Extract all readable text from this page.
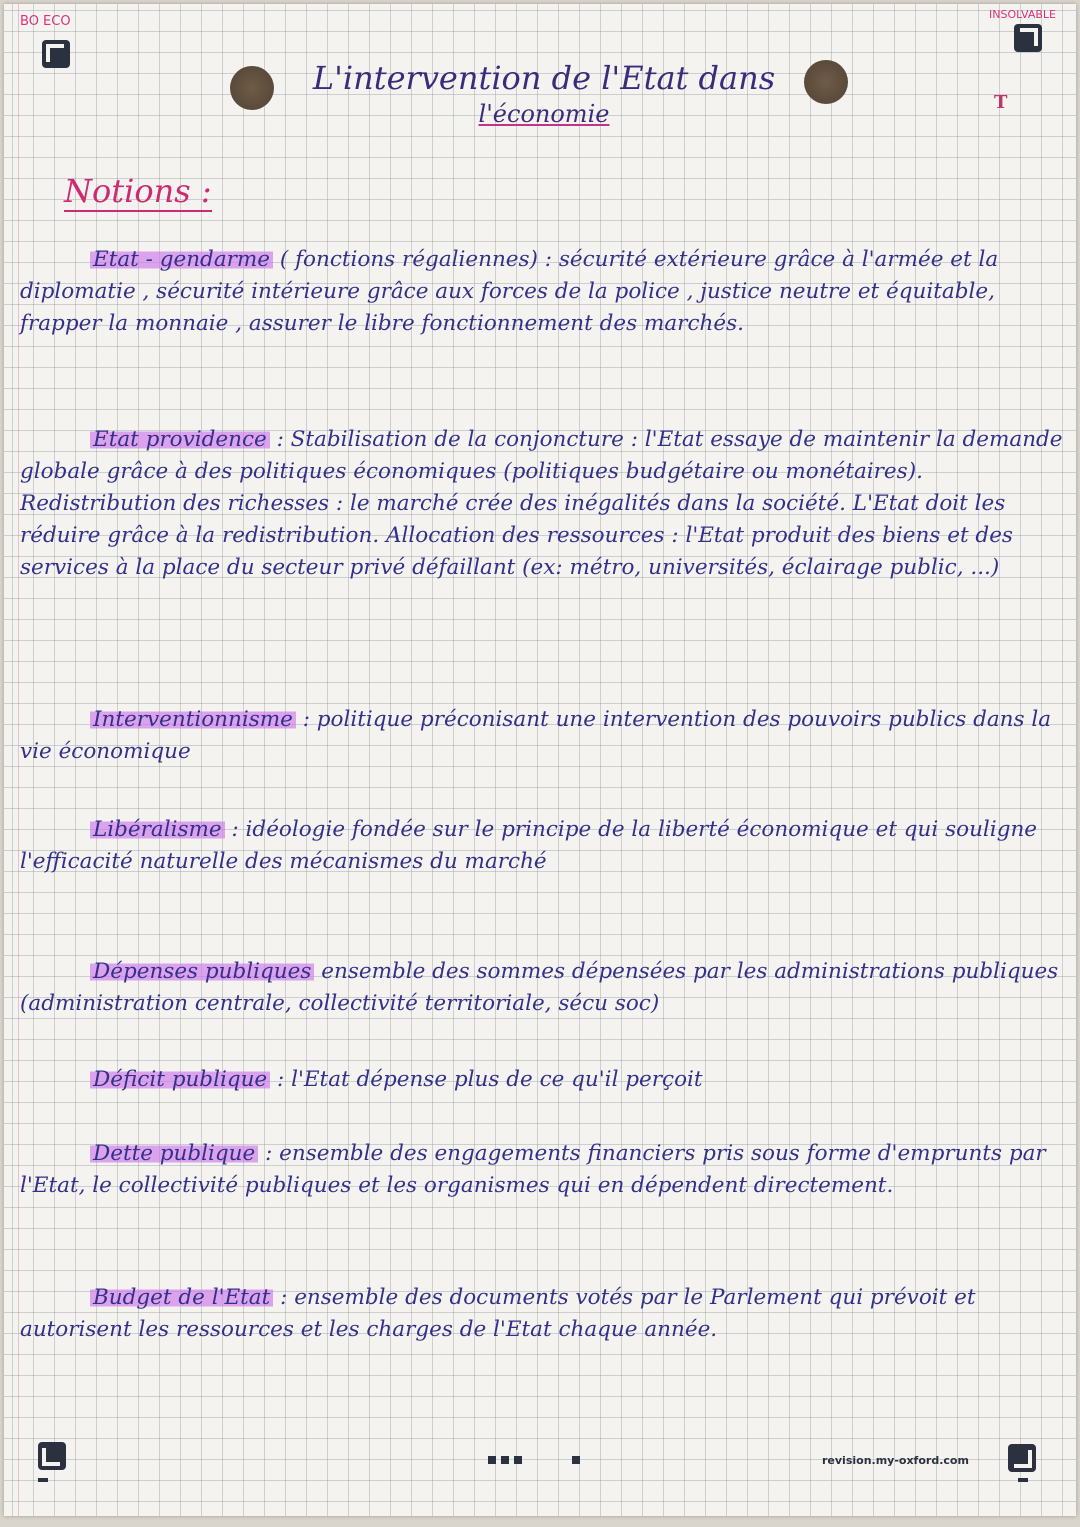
BO ECO	INSOLVABLE
L'intervention de l'Etat dans
l'économie	T
Notions :

Etat - gendarme ( fonctions régaliennes) : sécurité extérieure grâce à l'armée et la diplomatie , sécurité intérieure grâce aux forces de la police , justice neutre et équitable, frapper la monnaie , assurer le libre fonctionnement des marchés.

Etat providence : Stabilisation de la conjoncture : l'Etat essaye de maintenir la demande globale grâce à des politiques économiques (politiques budgétaire ou monétaires). Redistribution des richesses : le marché crée des inégalités dans la société. L'Etat doit les réduire grâce à la redistribution. Allocation des ressources : l'Etat produit des biens et des services à la place du secteur privé défaillant (ex: métro, universités, éclairage public, ...)

Interventionnisme : politique préconisant une intervention des pouvoirs publics dans la vie économique

Libéralisme : idéologie fondée sur le principe de la liberté économique et qui souligne l'efficacité naturelle des mécanismes du marché

Dépenses publiques ensemble des sommes dépensées par les administrations publiques (administration centrale, collectivité territoriale, sécu soc)

Déficit publique : l'Etat dépense plus de ce qu'il perçoit

Dette publique : ensemble des engagements financiers pris sous forme d'emprunts par l'Etat, le collectivité publiques et les organismes qui en dépendent directement.

Budget de l'Etat : ensemble des documents votés par le Parlement qui prévoit et autorisent les ressources et les charges de l'Etat chaque année.

revision.my-oxford.com
